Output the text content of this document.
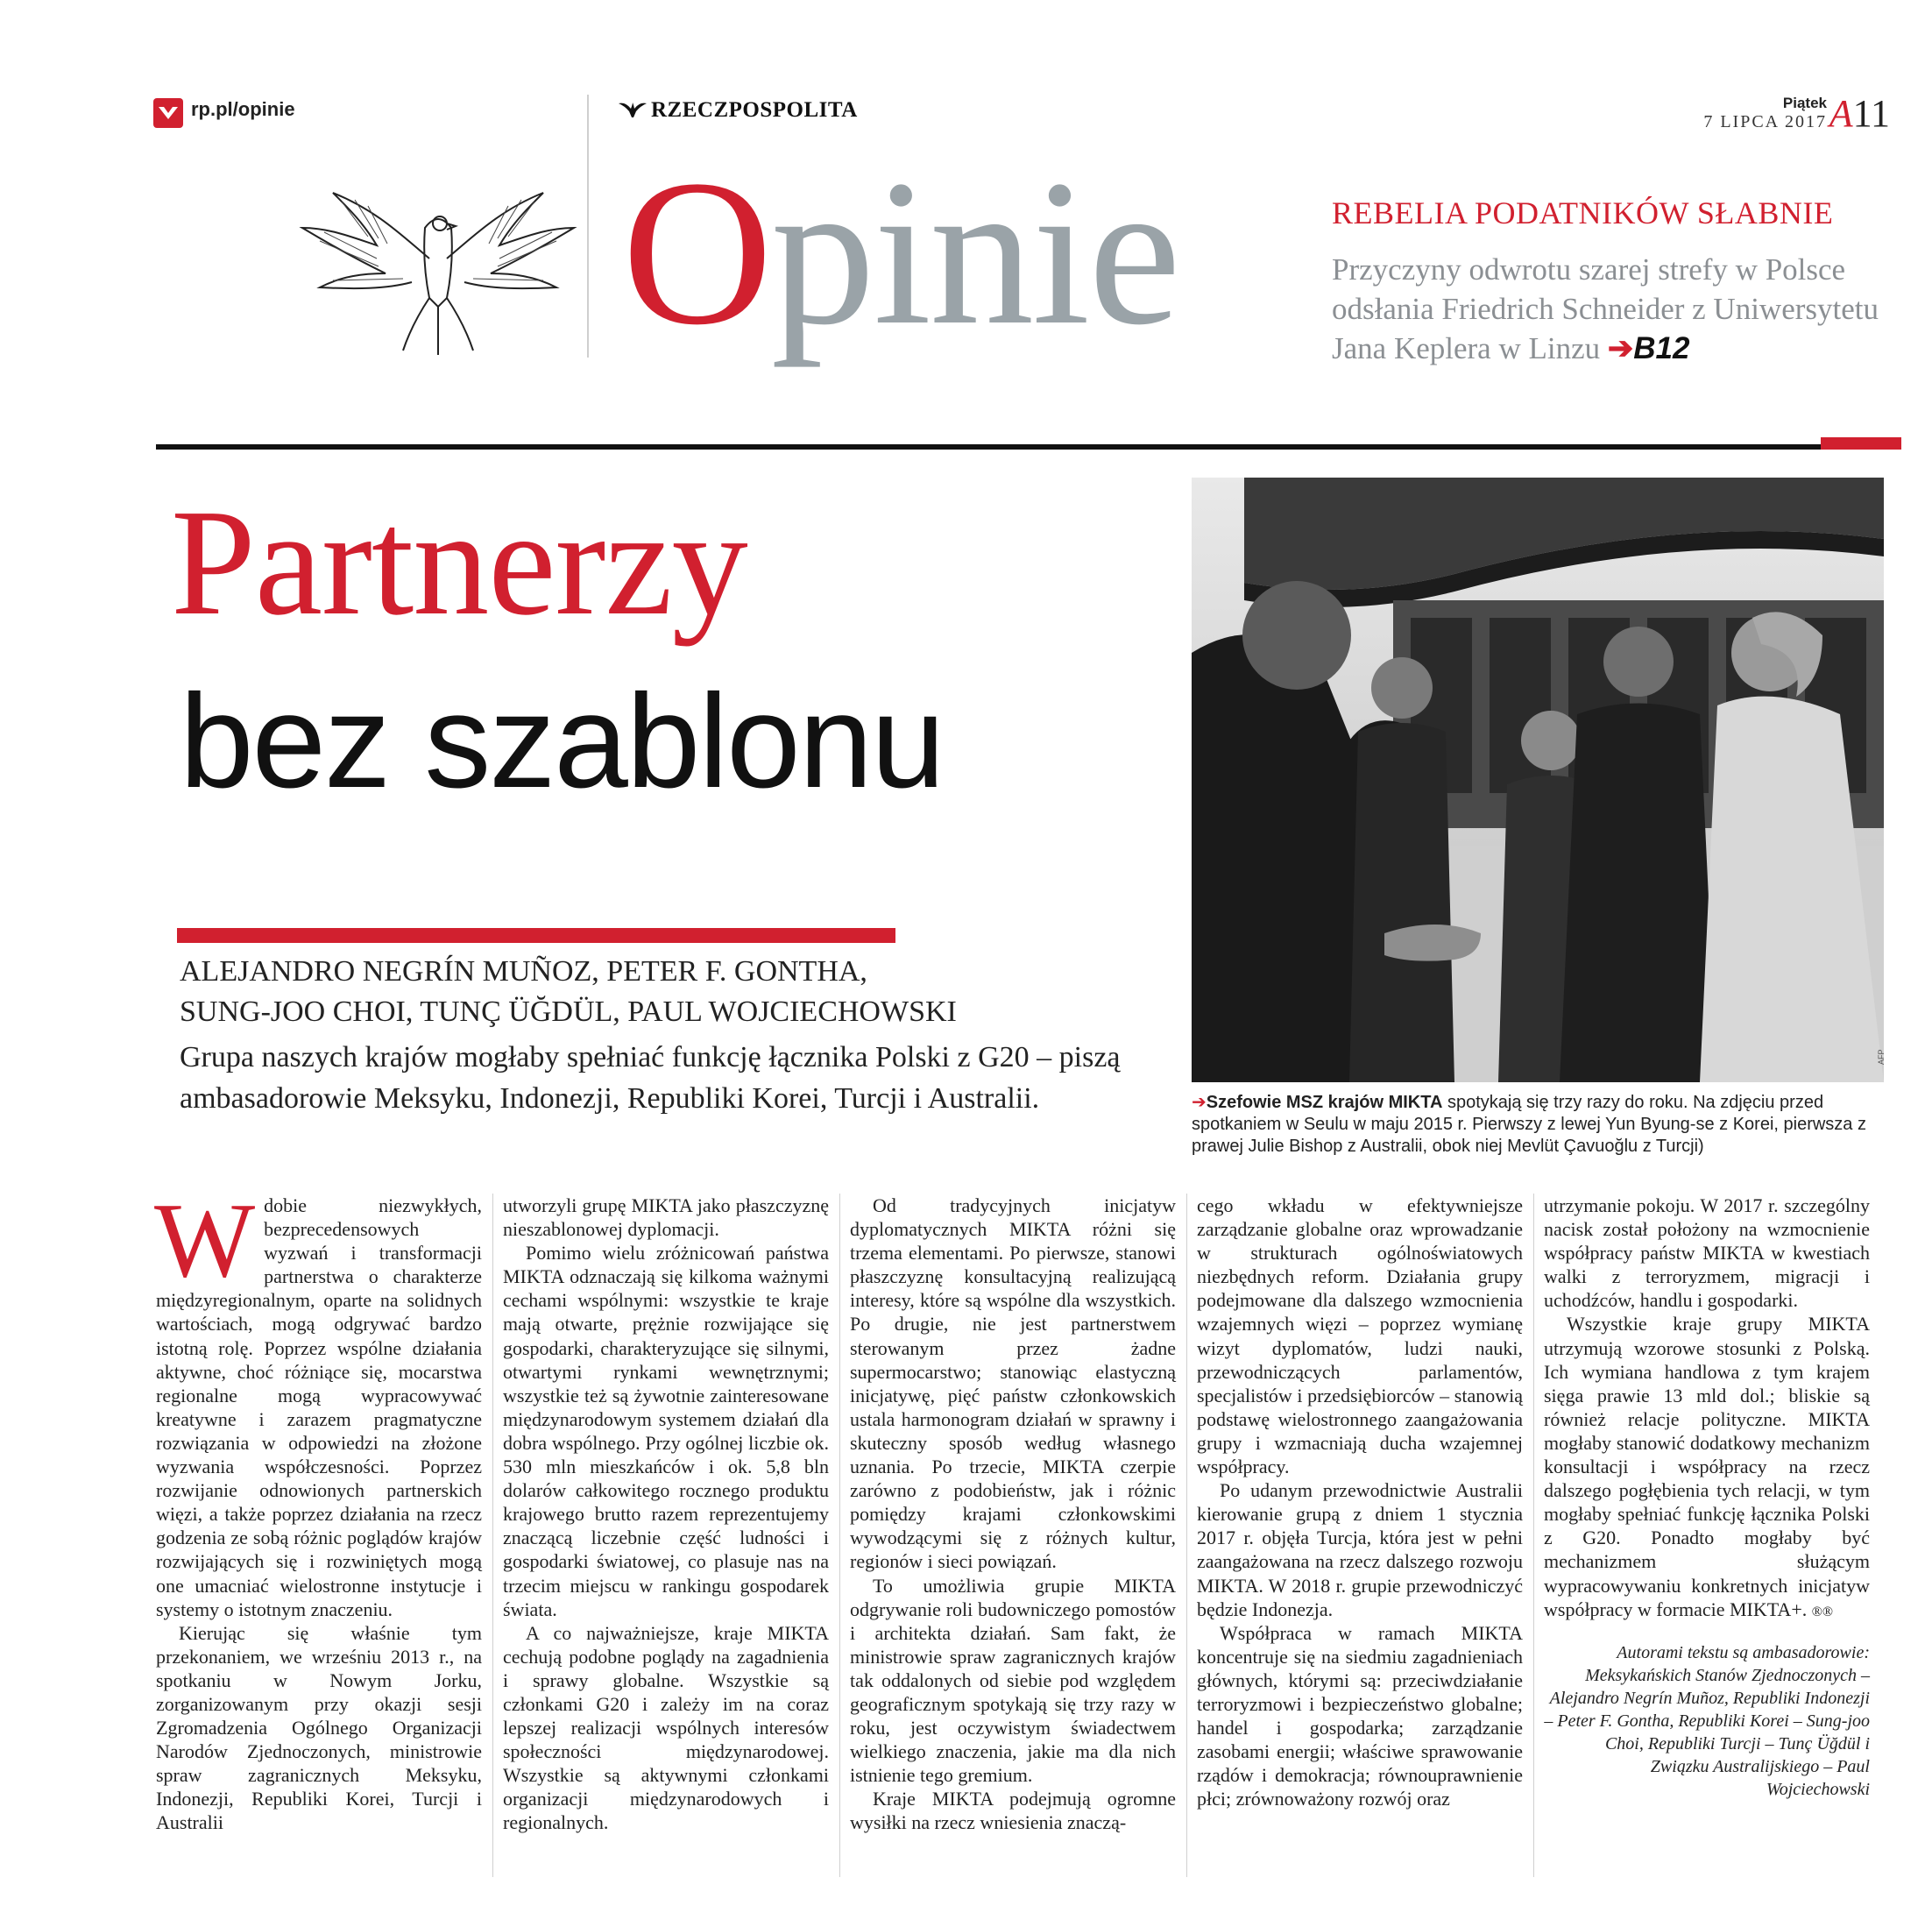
rp.pl/opinie	RZECZPOSPOLITA	Piątek
7 LIPCA 2017 A11
Opinie	REBELIA PODATNIKÓW SŁABNIE
Przyczyny odwrotu szarej strefy w Polsce odsłania Friedrich Schneider z Uniwersytetu Jana Keplera w Linzu ➔B12
Partnerzy
bez szablonu
ALEJANDRO NEGRÍN MUÑOZ, PETER F. GONTHA,
SUNG-JOO CHOI, TUNÇ ÜĞDÜL, PAUL WOJCIECHOWSKI
Grupa naszych krajów mogłaby spełniać funkcję łącznika Polski z G20 – piszą ambasadorowie Meksyku, Indonezji, Republiki Korei, Turcji i Australii.
AFP
➔Szefowie MSZ krajów MIKTA spotykają się trzy razy do roku. Na zdjęciu przed spotkaniem w Seulu w maju 2015 r. Pierwszy z lewej Yun Byung-se z Korei, pierwsza z prawej Julie Bishop z Australii, obok niej Mevlüt Çavuoğlu z Turcji)

Wdobie niezwykłych, bezprecedensowych wyzwań i transformacji partnerstwa o charakterze międzyregionalnym, oparte na solidnych wartościach, mogą odgrywać bardzo istotną rolę. Poprzez wspólne działania aktywne, choć różniące się, mocarstwa regionalne mogą wypracowywać kreatywne i zarazem pragmatyczne rozwiązania w odpowiedzi na złożone wyzwania współczesności. Poprzez rozwijanie odnowionych partnerskich więzi, a także poprzez działania na rzecz godzenia ze sobą różnic poglądów krajów rozwijających się i rozwiniętych mogą one umacniać wielostronne instytucje i systemy o istotnym znaczeniu.

Kierując się właśnie tym przekonaniem, we wrześniu 2013 r., na spotkaniu w Nowym Jorku, zorganizowanym przy okazji sesji Zgromadzenia Ogólnego Organizacji Narodów Zjednoczonych, ministrowie spraw zagranicznych Meksyku, Indonezji, Republiki Korei, Turcji i Australii

utworzyli grupę MIKTA jako płaszczyznę nieszablonowej dyplomacji.

Pomimo wielu zróżnicowań państwa MIKTA odznaczają się kilkoma ważnymi cechami wspólnymi: wszystkie te kraje mają otwarte, prężnie rozwijające się gospodarki, charakteryzujące się silnymi, otwartymi rynkami wewnętrznymi; wszystkie też są żywotnie zainteresowane międzynarodowym systemem działań dla dobra wspólnego. Przy ogólnej liczbie ok. 530 mln mieszkańców i ok. 5,8 bln dolarów całkowitego rocznego produktu krajowego brutto razem reprezentujemy znaczącą liczebnie część ludności i gospodarki światowej, co plasuje nas na trzecim miejscu w rankingu gospodarek świata.

A co najważniejsze, kraje MIKTA cechują podobne poglądy na zagadnienia i sprawy globalne. Wszystkie są członkami G20 i zależy im na coraz lepszej realizacji wspólnych interesów społeczności międzynarodowej. Wszystkie są aktywnymi członkami organizacji międzynarodowych i regionalnych.

Od tradycyjnych inicjatyw dyplomatycznych MIKTA różni się trzema elementami. Po pierwsze, stanowi płaszczyznę konsultacyjną realizującą interesy, które są wspólne dla wszystkich. Po drugie, nie jest partnerstwem sterowanym przez żadne supermocarstwo; stanowiąc elastyczną inicjatywę, pięć państw członkowskich ustala harmonogram działań w sprawny i skuteczny sposób według własnego uznania. Po trzecie, MIKTA czerpie zarówno z podobieństw, jak i różnic pomiędzy krajami członkowskimi wywodzącymi się z różnych kultur, regionów i sieci powiązań.

To umożliwia grupie MIKTA odgrywanie roli budowniczego pomostów i architekta działań. Sam fakt, że ministrowie spraw zagranicznych krajów tak oddalonych od siebie pod względem geograficznym spotykają się trzy razy w roku, jest oczywistym świadectwem wielkiego znaczenia, jakie ma dla nich istnienie tego gremium.

Kraje MIKTA podejmują ogromne wysiłki na rzecz wniesienia znaczą-

cego wkładu w efektywniejsze zarządzanie globalne oraz wprowadzanie w strukturach ogólnoświatowych niezbędnych reform. Działania grupy podejmowane dla dalszego wzmocnienia wzajemnych więzi – poprzez wymianę wizyt dyplomatów, ludzi nauki, przewodniczących parlamentów, specjalistów i przedsiębiorców – stanowią podstawę wielostronnego zaangażowania grupy i wzmacniają ducha wzajemnej współpracy.

Po udanym przewodnictwie Australii kierowanie grupą z dniem 1 stycznia 2017 r. objęła Turcja, która jest w pełni zaangażowana na rzecz dalszego rozwoju MIKTA. W 2018 r. grupie przewodniczyć będzie Indonezja.

Współpraca w ramach MIKTA koncentruje się na siedmiu zagadnieniach głównych, którymi są: przeciwdziałanie terroryzmowi i bezpieczeństwo globalne; handel i gospodarka; zarządzanie zasobami energii; właściwe sprawowanie rządów i demokracja; równouprawnienie płci; zrównoważony rozwój oraz

utrzymanie pokoju. W 2017 r. szczególny nacisk został położony na wzmocnienie współpracy państw MIKTA w kwestiach walki z terroryzmem, migracji i uchodźców, handlu i gospodarki.

Wszystkie kraje grupy MIKTA utrzymują wzorowe stosunki z Polską. Ich wymiana handlowa z tym krajem sięga prawie 13 mld dol.; bliskie są również relacje polityczne. MIKTA mogłaby stanowić dodatkowy mechanizm konsultacji i współpracy na rzecz dalszego pogłębienia tych relacji, w tym mogłaby spełniać funkcję łącznika Polski z G20. Ponadto mogłaby być mechanizmem służącym wypracowywaniu konkretnych inicjatyw współpracy w formacie MIKTA+. ®®

Autorami tekstu są ambasadorowie: Meksykańskich Stanów Zjednoczonych – Alejandro Negrín Muñoz, Republiki Indonezji – Peter F. Gontha, Republiki Korei – Sung-joo Choi, Republiki Turcji – Tunç Üğdül i Związku Australijskiego – Paul Wojciechowski
